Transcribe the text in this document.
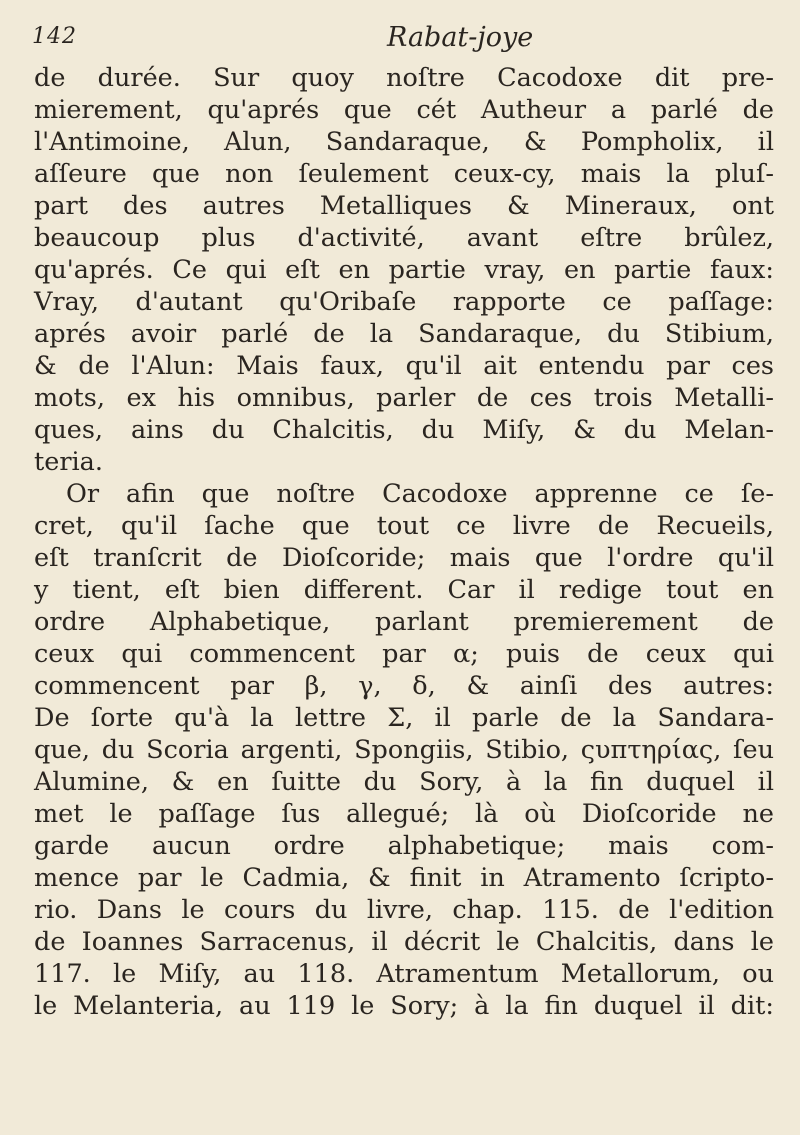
142	Rabat-joye
de durée. Sur quoy noſtre Cacodoxe dit pre-
mierement, qu'aprés que cét Autheur a parlé de
l'Antimoine, Alun, Sandaraque, & Pompholix, il
aſſeure que non ſeulement ceux-cy, mais la pluſ-
part des autres Metalliques & Mineraux, ont
beaucoup plus d'activité, avant eſtre brûlez,
qu'aprés. Ce qui eſt en partie vray, en partie faux:
Vray, d'autant qu'Oribaſe rapporte ce paſſage:
aprés avoir parlé de la Sandaraque, du Stibium,
& de l'Alun: Mais faux, qu'il ait entendu par ces
mots, ex his omnibus, parler de ces trois Metalli-
ques, ains du Chalcitis, du Miſy, & du Melan-
teria.
Or afin que noſtre Cacodoxe apprenne ce ſe-
cret, qu'il ſache que tout ce livre de Recueils,
eſt tranſcrit de Dioſcoride; mais que l'ordre qu'il
y tient, eſt bien different. Car il redige tout en
ordre Alphabetique, parlant premierement de
ceux qui commencent par α; puis de ceux qui
commencent par β, γ, δ, & ainſi des autres:
De ſorte qu'à la lettre Σ, il parle de la Sandara-
que, du Scoria argenti, Spongiis, Stibio, ςυπτηρίας, ſeu
Alumine, & en ſuitte du Sory, à la fin duquel il
met le paſſage ſus allegué; là où Dioſcoride ne
garde aucun ordre alphabetique; mais com-
mence par le Cadmia, & finit in Atramento ſcripto-
rio. Dans le cours du livre, chap. 115. de l'edition
de Ioannes Sarracenus, il décrit le Chalcitis, dans le
117. le Miſy, au 118. Atramentum Metallorum, ou
le Melanteria, au 119 le Sory; à la fin duquel il dit:
